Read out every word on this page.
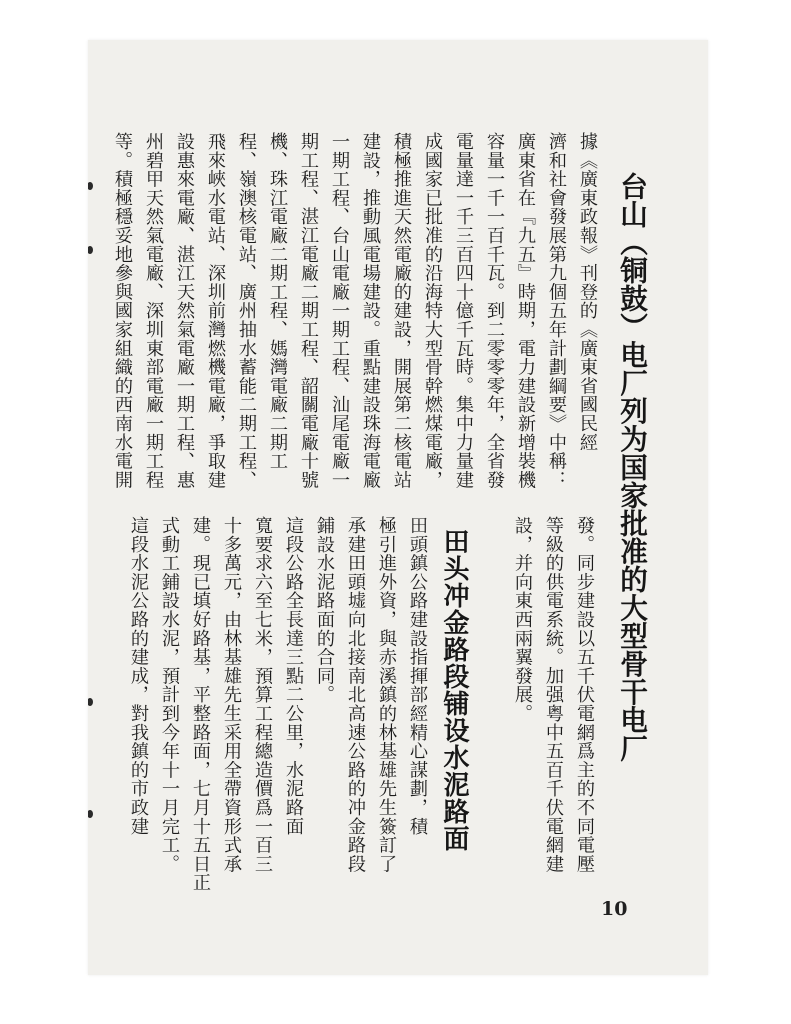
台山（铜鼓）电厂列为国家批准的大型骨干电厂
發。同步建設以五千伏電網爲主的不同電壓
等級的供電系統。加强粤中五百千伏電網建
設，并向東西兩翼發展。
田头冲金路段铺设水泥路面
田頭鎮公路建設指揮部經精心謀劃，積
極引進外資，與赤溪鎮的林基雄先生簽訂了
承建田頭墟向北接南北高速公路的冲金路段
鋪設水泥路面的合同。
這段公路全長達三點二公里，水泥路面
寬要求六至七米，預算工程總造價爲一百三
十多萬元，由林基雄先生采用全帶資形式承
建。現已填好路基，平整路面，七月十五日正
式動工鋪設水泥，預計到今年十一月完工。
這段水泥公路的建成，對我鎮的市政建
據《廣東政報》刊登的《廣東省國民經
濟和社會發展第九個五年計劃綱要》中稱：
廣東省在『九五』時期，電力建設新增裝機
容量一千一百千瓦。到二零零零年，全省發
電量達一千三百四十億千瓦時。集中力量建
成國家已批准的沿海特大型骨幹燃煤電廠，
積極推進天然電廠的建設，開展第二核電站
建設，推動風電場建設。重點建設珠海電廠
一期工程、台山電廠一期工程、汕尾電廠一
期工程、湛江電廠二期工程、韶關電廠十號
機、珠江電廠二期工程、媽灣電廠二期工
程、嶺澳核電站、廣州抽水蓄能二期工程、
飛來峽水電站、深圳前灣燃機電廠，爭取建
設惠來電廠、湛江天然氣電廠一期工程、惠
州碧甲天然氣電廠、深圳東部電廠一期工程
等。積極穩妥地參與國家組織的西南水電開
10
